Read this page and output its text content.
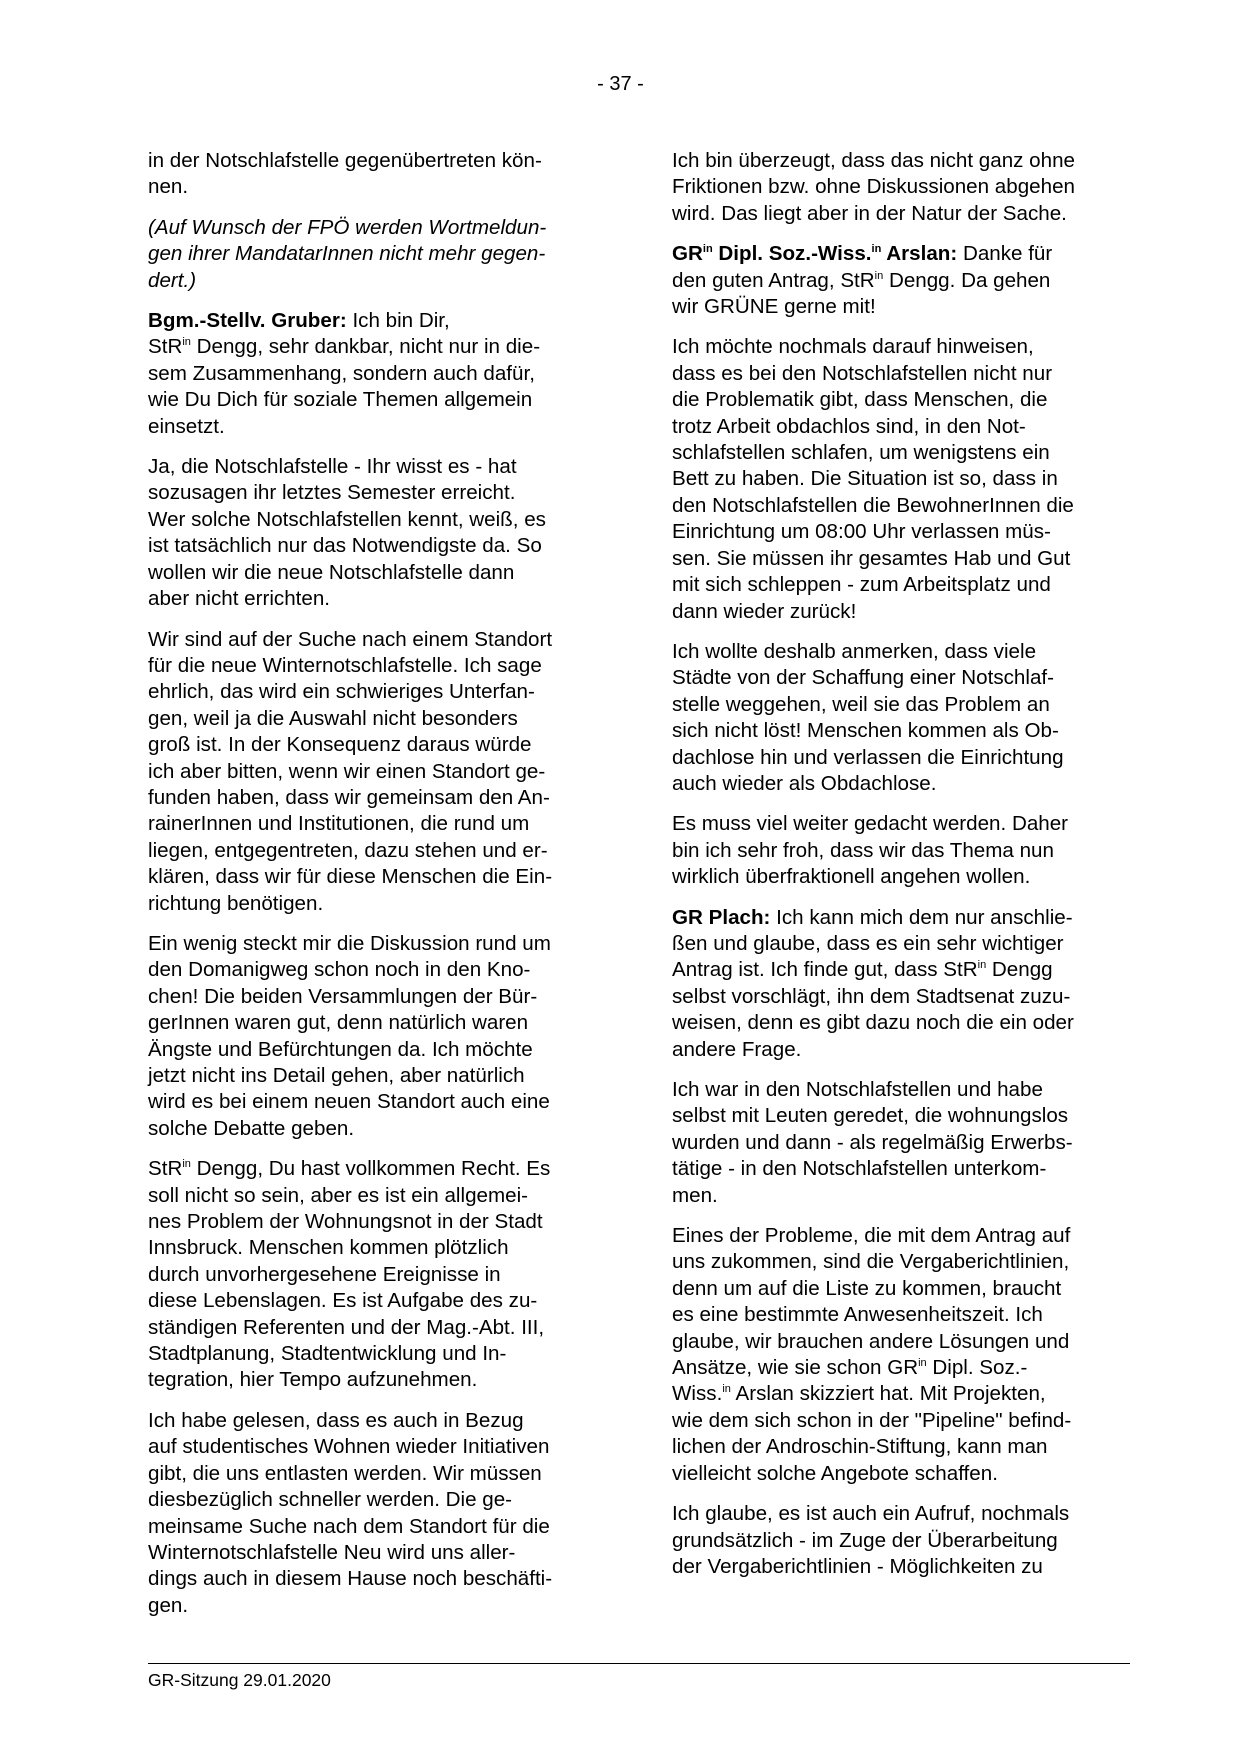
- 37 -

in der Notschlafstelle gegenübertreten kön-
nen.

(Auf Wunsch der FPÖ werden Wortmeldun-
gen ihrer MandatarInnen nicht mehr gegen-
dert.)

Bgm.-Stellv. Gruber: Ich bin Dir,
StR$^{in}$ Dengg, sehr dankbar, nicht nur in die-
sem Zusammenhang, sondern auch dafür,
wie Du Dich für soziale Themen allgemein
einsetzt.

Ja, die Notschlafstelle - Ihr wisst es - hat
sozusagen ihr letztes Semester erreicht.
Wer solche Notschlafstellen kennt, weiß, es
ist tatsächlich nur das Notwendigste da. So
wollen wir die neue Notschlafstelle dann
aber nicht errichten.

Wir sind auf der Suche nach einem Standort
für die neue Winternotschlafstelle. Ich sage
ehrlich, das wird ein schwieriges Unterfan-
gen, weil ja die Auswahl nicht besonders
groß ist. In der Konsequenz daraus würde
ich aber bitten, wenn wir einen Standort ge-
funden haben, dass wir gemeinsam den An-
rainerInnen und Institutionen, die rund um
liegen, entgegentreten, dazu stehen und er-
klären, dass wir für diese Menschen die Ein-
richtung benötigen.

Ein wenig steckt mir die Diskussion rund um
den Domanigweg schon noch in den Kno-
chen! Die beiden Versammlungen der Bür-
gerInnen waren gut, denn natürlich waren
Ängste und Befürchtungen da. Ich möchte
jetzt nicht ins Detail gehen, aber natürlich
wird es bei einem neuen Standort auch eine
solche Debatte geben.

StR$^{in}$ Dengg, Du hast vollkommen Recht. Es
soll nicht so sein, aber es ist ein allgemei-
nes Problem der Wohnungsnot in der Stadt
Innsbruck. Menschen kommen plötzlich
durch unvorhergesehene Ereignisse in
diese Lebenslagen. Es ist Aufgabe des zu-
ständigen Referenten und der Mag.-Abt. III,
Stadtplanung, Stadtentwicklung und In-
tegration, hier Tempo aufzunehmen.

Ich habe gelesen, dass es auch in Bezug
auf studentisches Wohnen wieder Initiativen
gibt, die uns entlasten werden. Wir müssen
diesbezüglich schneller werden. Die ge-
meinsame Suche nach dem Standort für die
Winternotschlafstelle Neu wird uns aller-
dings auch in diesem Hause noch beschäfti-
gen.

Ich bin überzeugt, dass das nicht ganz ohne
Friktionen bzw. ohne Diskussionen abgehen
wird. Das liegt aber in der Natur der Sache.

$GR^{in}$ Dipl. Soz.-Wiss.$^{in}$ Arslan: Danke für
den guten Antrag, StR$^{in}$ Dengg. Da gehen
wir GRÜNE gerne mit!

Ich möchte nochmals darauf hinweisen,
dass es bei den Notschlafstellen nicht nur
die Problematik gibt, dass Menschen, die
trotz Arbeit obdachlos sind, in den Not-
schlafstellen schlafen, um wenigstens ein
Bett zu haben. Die Situation ist so, dass in
den Notschlafstellen die BewohnerInnen die
Einrichtung um 08:00 Uhr verlassen müs-
sen. Sie müssen ihr gesamtes Hab und Gut
mit sich schleppen - zum Arbeitsplatz und
dann wieder zurück!

Ich wollte deshalb anmerken, dass viele
Städte von der Schaffung einer Notschlaf-
stelle weggehen, weil sie das Problem an
sich nicht löst! Menschen kommen als Ob-
dachlose hin und verlassen die Einrichtung
auch wieder als Obdachlose.

Es muss viel weiter gedacht werden. Daher
bin ich sehr froh, dass wir das Thema nun
wirklich überfraktionell angehen wollen.

GR Plach: Ich kann mich dem nur anschlie-
ßen und glaube, dass es ein sehr wichtiger
Antrag ist. Ich finde gut, dass StR$^{in}$ Dengg
selbst vorschlägt, ihn dem Stadtsenat zuzu-
weisen, denn es gibt dazu noch die ein oder
andere Frage.

Ich war in den Notschlafstellen und habe
selbst mit Leuten geredet, die wohnungslos
wurden und dann - als regelmäßig Erwerbs-
tätige - in den Notschlafstellen unterkom-
men.

Eines der Probleme, die mit dem Antrag auf
uns zukommen, sind die Vergaberichtlinien,
denn um auf die Liste zu kommen, braucht
es eine bestimmte Anwesenheitszeit. Ich
glaube, wir brauchen andere Lösungen und
Ansätze, wie sie schon $GR^{in}$ Dipl. Soz.-
Wiss.$^{in}$ Arslan skizziert hat. Mit Projekten,
wie dem sich schon in der "Pipeline" befind-
lichen der Androschin-Stiftung, kann man
vielleicht solche Angebote schaffen.

Ich glaube, es ist auch ein Aufruf, nochmals
grundsätzlich - im Zuge der Überarbeitung
der Vergaberichtlinien - Möglichkeiten zu

GR-Sitzung 29.01.2020
